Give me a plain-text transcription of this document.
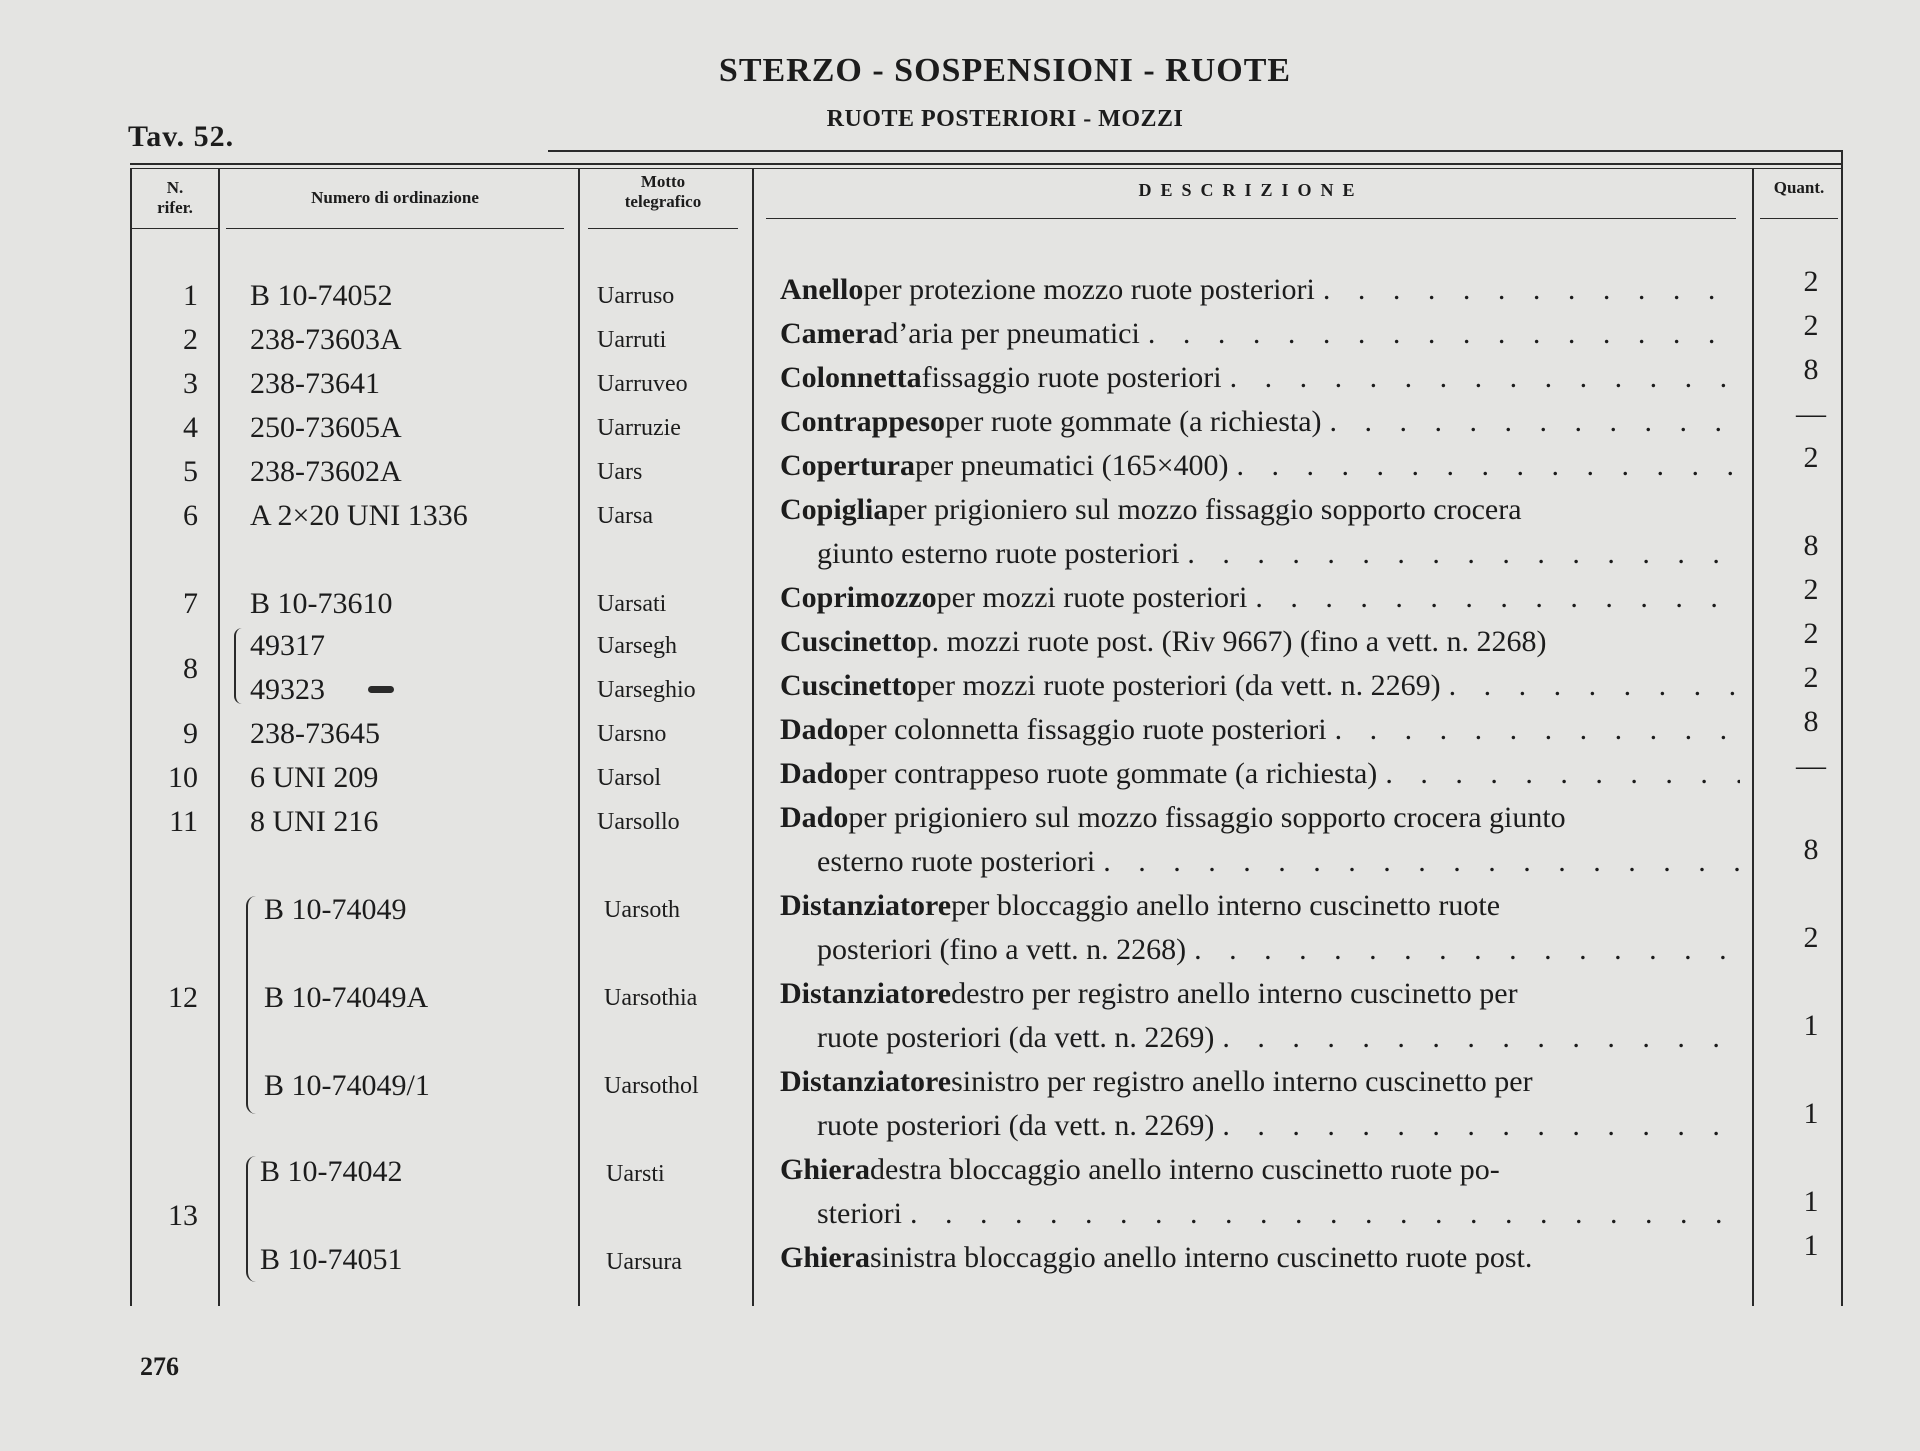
STERZO - SOSPENSIONI - RUOTE
RUOTE POSTERIORI - MOZZI
Tav. 52.
N. rifer.
Numero di ordinazione
Motto telegrafico
DESCRIZIONE	Quant.
1
2
3
4
5
6
7
8
9
10
11
12
13
B 10-74052
238-73603A
238-73641
250-73605A
238-73602A
A 2×20 UNI 1336
B 10-73610
49317
49323
238-73645
6 UNI 209
8 UNI 216
B 10-74049
B 10-74049A
B 10-74049/1
B 10-74042
B 10-74051
Uarruso
Uarruti
Uarruveo
Uarruzie
Uars
Uarsa
Uarsati
Uarsegh
Uarseghio
Uarsno
Uarsol
Uarsollo
Uarsoth
Uarsothia
Uarsothol
Uarsti
Uarsura
Anello per protezione mozzo ruote posteriori
. . .
Camera d’aria per pneumatici
. . .
Colonnetta fissaggio ruote posteriori
. . .
Contrappeso per ruote gommate (a richiesta)
. . .
Copertura per pneumatici (165×400)
. . .
Copiglia per prigioniero sul mozzo fissaggio sopporto crocera
giunto esterno ruote posteriori
. . .
Coprimozzo per mozzi ruote posteriori
. . .
Cuscinetto p. mozzi ruote post. (Riv 9667) (fino a vett. n. 2268)
Cuscinetto per mozzi ruote posteriori (da vett. n. 2269)
. . .
Dado per colonnetta fissaggio ruote posteriori
. . .
Dado per contrappeso ruote gommate (a richiesta)
. . .
Dado per prigioniero sul mozzo fissaggio sopporto crocera giunto
esterno ruote posteriori
. . .
Distanziatore per bloccaggio anello interno cuscinetto ruote
posteriori (fino a vett. n. 2268)
. . .
Distanziatore destro per registro anello interno cuscinetto per
ruote posteriori (da vett. n. 2269)
. . .
Distanziatore sinistro per registro anello interno cuscinetto per
ruote posteriori (da vett. n. 2269)
. . .
Ghiera destra bloccaggio anello interno cuscinetto ruote po-
steriori
. . .
Ghiera sinistra bloccaggio anello interno cuscinetto ruote post.
2
2
8
—
2
8
2
2
2
8
—
8
2
1
1
1
1
276
